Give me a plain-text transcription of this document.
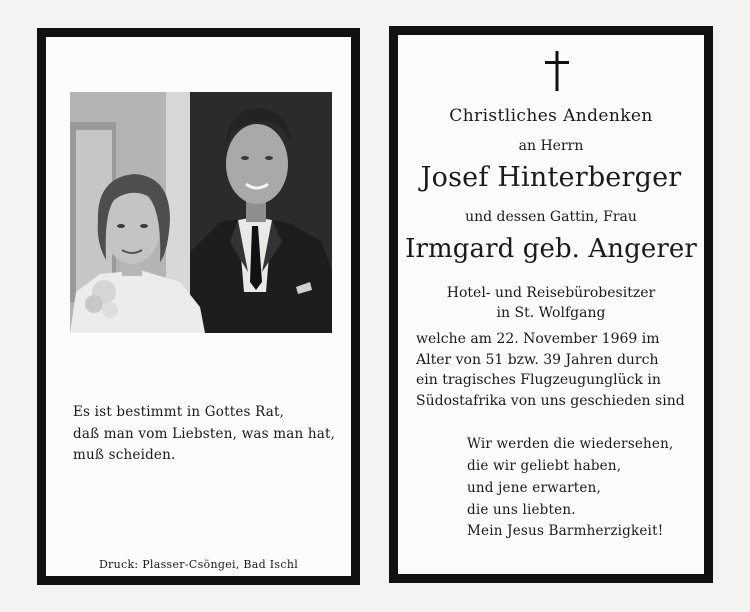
Es ist bestimmt in Gottes Rat,
daß man vom Liebsten, was man hat,
muß scheiden.
Druck: Plasser-Csöngei, Bad Ischl
Christliches Andenken
an Herrn
Josef Hinterberger
und dessen Gattin, Frau
Irmgard geb. Angerer
Hotel- und Reisebürobesitzer
in St. Wolfgang
welche am 22. November 1969 im
Alter von 51 bzw. 39 Jahren durch
ein tragisches Flugzeugunglück in
Südostafrika von uns geschieden sind
Wir werden die wiedersehen,
die wir geliebt haben,
und jene erwarten,
die uns liebten.
Mein Jesus Barmherzigkeit!
